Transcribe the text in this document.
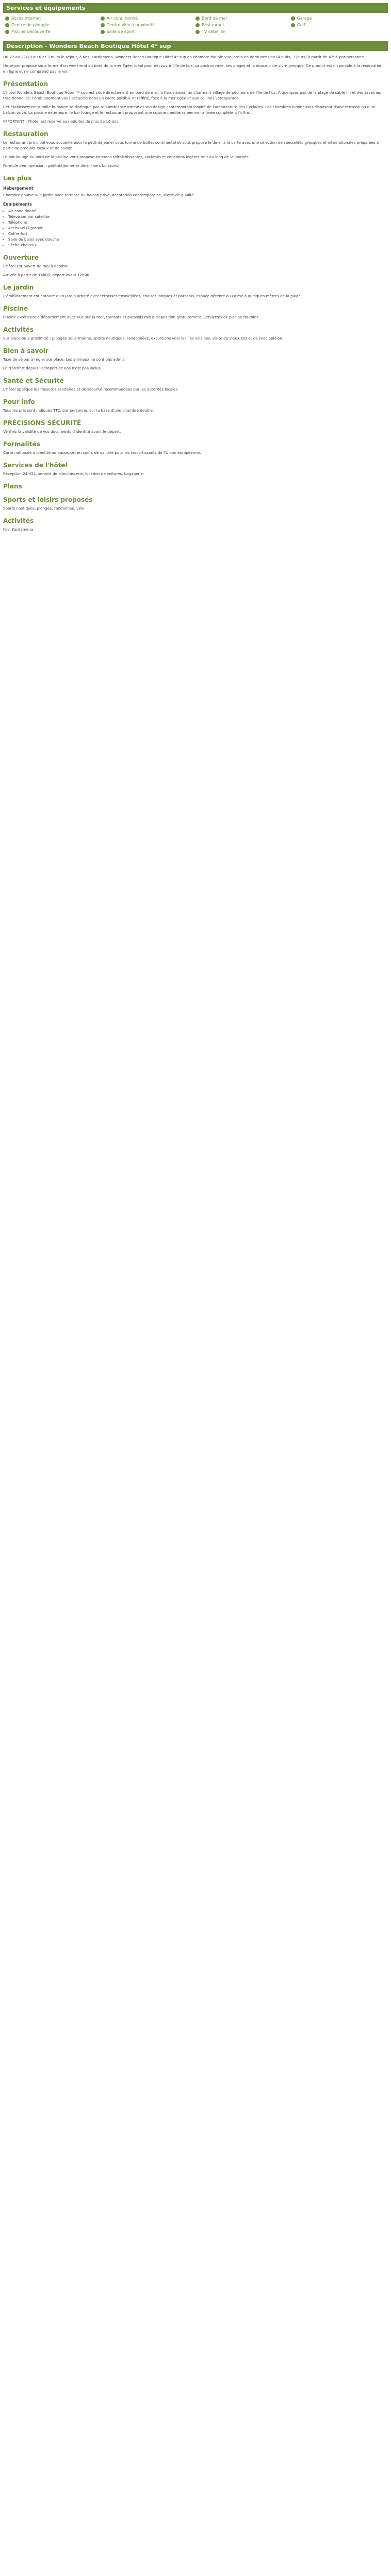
Services et équipements
Accès internet	Air conditionné	Bord de mer	Garage
Centre de plongée	Centre-ville à proximité	Restaurant	Golf
Piscine découverte	Salle de sport	TV satellite
Description - Wonders Beach Boutique Hôtel 4* sup

Du 22 au 27/10 au 6 et 3 nuits le séjour, à Kos, Kardamena, Wonders Beach Boutique Hôtel 4* sup en chambre double vue jardin en demi-pension (4 nuits, 3 jours) à partir de 479€ par personne.

Un séjour proposé sous forme d'un week-end au bord de la mer Égée, idéal pour découvrir l'île de Kos, sa gastronomie, ses plages et la douceur de vivre grecque. Ce produit est disponible à la réservation en ligne et ne comprend pas le vol.

Présentation

L'hôtel Wonders Beach Boutique Hôtel 4* sup est situé directement en bord de mer, à Kardamena, un charmant village de pêcheurs de l'île de Kos. À quelques pas de la plage de sable fin et des tavernes traditionnelles, l'établissement vous accueille dans un cadre paisible et raffiné, face à la mer Égée et aux collines verdoyantes.

Cet établissement à taille humaine se distingue par son ambiance intime et son design contemporain inspiré de l'architecture des Cyclades. Les chambres lumineuses disposent d'une terrasse ou d'un balcon privé. La piscine extérieure, le bar lounge et le restaurant proposant une cuisine méditerranéenne raffinée complètent l'offre.

IMPORTANT : l'hôtel est réservé aux adultes de plus de 16 ans.

Restauration

Le restaurant principal vous accueille pour le petit-déjeuner sous forme de buffet continental et vous propose le dîner à la carte avec une sélection de spécialités grecques et internationales préparées à partir de produits locaux et de saison.

Le bar lounge au bord de la piscine vous propose boissons rafraîchissantes, cocktails et collations légères tout au long de la journée.

Formule demi-pension : petit-déjeuner et dîner (hors boissons).

Les plus
Hébergement

Chambre double vue jardin avec terrasse ou balcon privé, décoration contemporaine, literie de qualité.

Équipements
• Air conditionné
• Télévision par satellite
• Téléphone
• Accès Wi-Fi gratuit
• Coffre-fort
• Salle de bains avec douche
• Sèche-cheveux
Ouverture

L'hôtel est ouvert de mai à octobre.

Arrivée à partir de 14h00, départ avant 12h00.

Le jardin

L'établissement est entouré d'un jardin arboré avec terrasses ensoleillées, chaises longues et parasols, espace détente au calme à quelques mètres de la plage.

Piscine

Piscine extérieure à débordement avec vue sur la mer, transats et parasols mis à disposition gratuitement. Serviettes de piscine fournies.

Activités

Sur place ou à proximité : plongée sous-marine, sports nautiques, randonnées, excursions vers les îles voisines, visite du vieux Kos et de l'Asclépiéion.

Bien à savoir

Taxe de séjour à régler sur place. Les animaux ne sont pas admis.

Le transfert depuis l'aéroport de Kos n'est pas inclus.

Santé et Sécurité

L'hôtel applique les mesures sanitaires et de sécurité recommandées par les autorités locales.

Pour info

Tous les prix sont indiqués TTC, par personne, sur la base d'une chambre double.

PRÉCISIONS SÉCURITÉ

Vérifiez la validité de vos documents d'identité avant le départ.

Formalités

Carte nationale d'identité ou passeport en cours de validité pour les ressortissants de l'Union européenne.

Services de l'hôtel

Réception 24h/24, service de blanchisserie, location de voitures, bagagerie.

Plans
Sports et loisirs proposés

Sports nautiques, plongée, randonnée, vélo.

Activités

Kos, Kardamena
